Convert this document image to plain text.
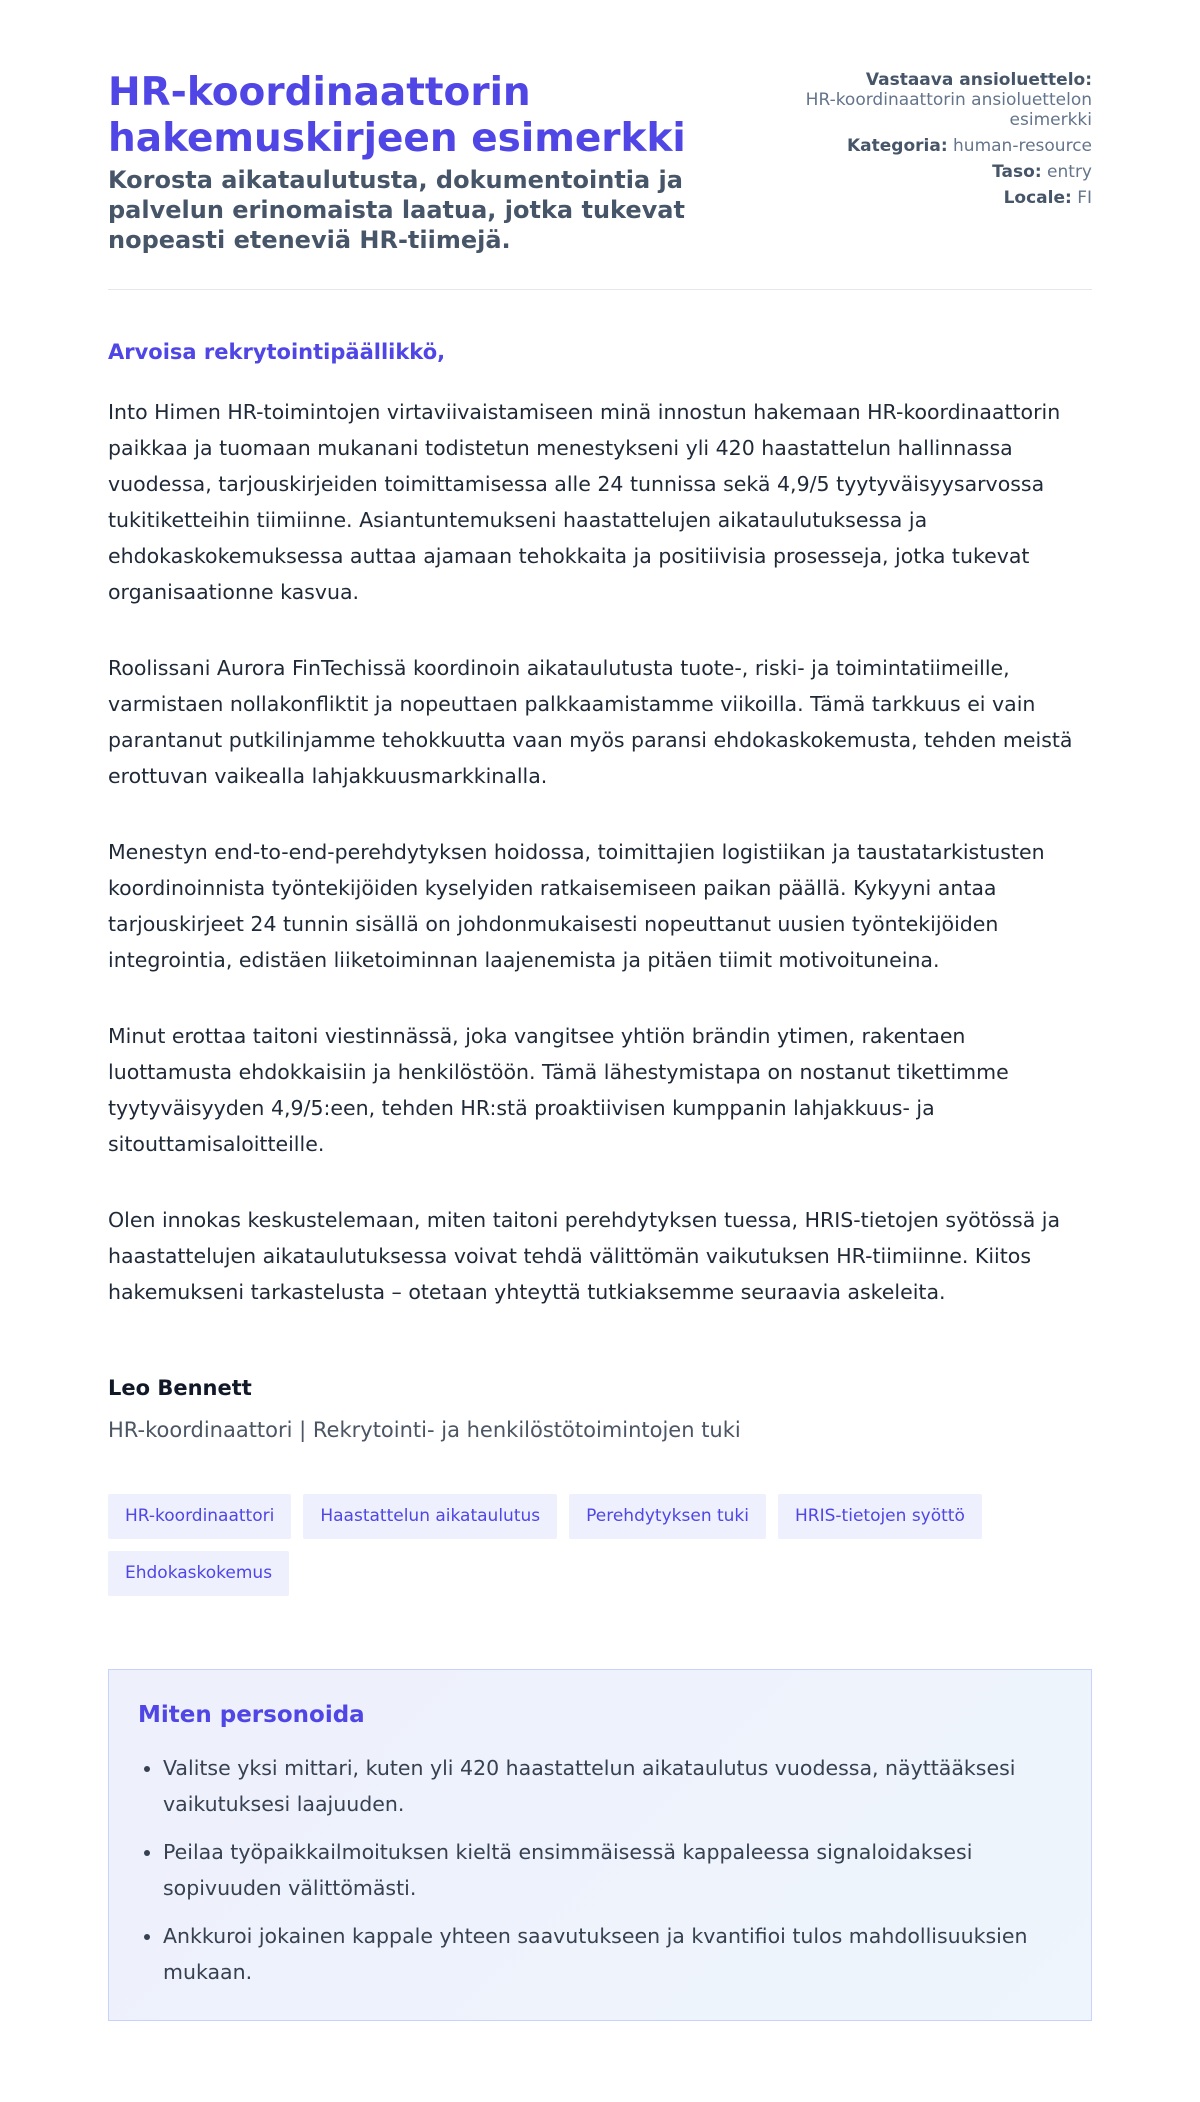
HR-koordinaattorin hakemuskirjeen esimerkki

Korosta aikataulutusta, dokumentointia ja palvelun erinomaista laatua, jotka tukevat nopeasti eteneviä HR-tiimejä.

Vastaava ansioluettelo:
HR-koordinaattorin ansioluettelon esimerkki
Kategoria: human-resource
Taso: entry
Locale: FI

Arvoisa rekrytointipäällikkö,

Into Himen HR-toimintojen virtaviivaistamiseen minä innostun hakemaan HR-koordinaattorin paikkaa ja tuomaan mukanani todistetun menestykseni yli 420 haastattelun hallinnassa vuodessa, tarjouskirjeiden toimittamisessa alle 24 tunnissa sekä 4,9/5 tyytyväisyysarvossa tukitiketteihin tiimiinne. Asiantuntemukseni haastattelujen aikataulutuksessa ja ehdokaskokemuksessa auttaa ajamaan tehokkaita ja positiivisia prosesseja, jotka tukevat organisaationne kasvua.

Roolissani Aurora FinTechissä koordinoin aikataulutusta tuote-, riski- ja toimintatiimeille, varmistaen nollakonfliktit ja nopeuttaen palkkaamistamme viikoilla. Tämä tarkkuus ei vain parantanut putkilinjamme tehokkuutta vaan myös paransi ehdokaskokemusta, tehden meistä erottuvan vaikealla lahjakkuusmarkkinalla.

Menestyn end-to-end-perehdytyksen hoidossa, toimittajien logistiikan ja taustatarkistusten koordinoinnista työntekijöiden kyselyiden ratkaisemiseen paikan päällä. Kykyyni antaa tarjouskirjeet 24 tunnin sisällä on johdonmukaisesti nopeuttanut uusien työntekijöiden integrointia, edistäen liiketoiminnan laajenemista ja pitäen tiimit motivoituneina.

Minut erottaa taitoni viestinnässä, joka vangitsee yhtiön brändin ytimen, rakentaen luottamusta ehdokkaisiin ja henkilöstöön. Tämä lähestymistapa on nostanut tikettimme tyytyväisyyden 4,9/5:een, tehden HR:stä proaktiivisen kumppanin lahjakkuus- ja sitouttamisaloitteille.

Olen innokas keskustelemaan, miten taitoni perehdytyksen tuessa, HRIS-tietojen syötössä ja haastattelujen aikataulutuksessa voivat tehdä välittömän vaikutuksen HR-tiimiinne. Kiitos hakemukseni tarkastelusta – otetaan yhteyttä tutkiaksemme seuraavia askeleita.

Leo Bennett
HR-koordinaattori | Rekrytointi- ja henkilöstötoimintojen tuki
HR-koordinaattori	Haastattelun aikataulutus	Perehdytyksen tuki	HRIS-tietojen syöttö
Ehdokaskokemus
Miten personoida
• Valitse yksi mittari, kuten yli 420 haastattelun aikataulutus vuodessa, näyttääksesi vaikutuksesi laajuuden.
• Peilaa työpaikkailmoituksen kieltä ensimmäisessä kappaleessa signaloidaksesi sopivuuden välittömästi.
• Ankkuroi jokainen kappale yhteen saavutukseen ja kvantifioi tulos mahdollisuuksien mukaan.
